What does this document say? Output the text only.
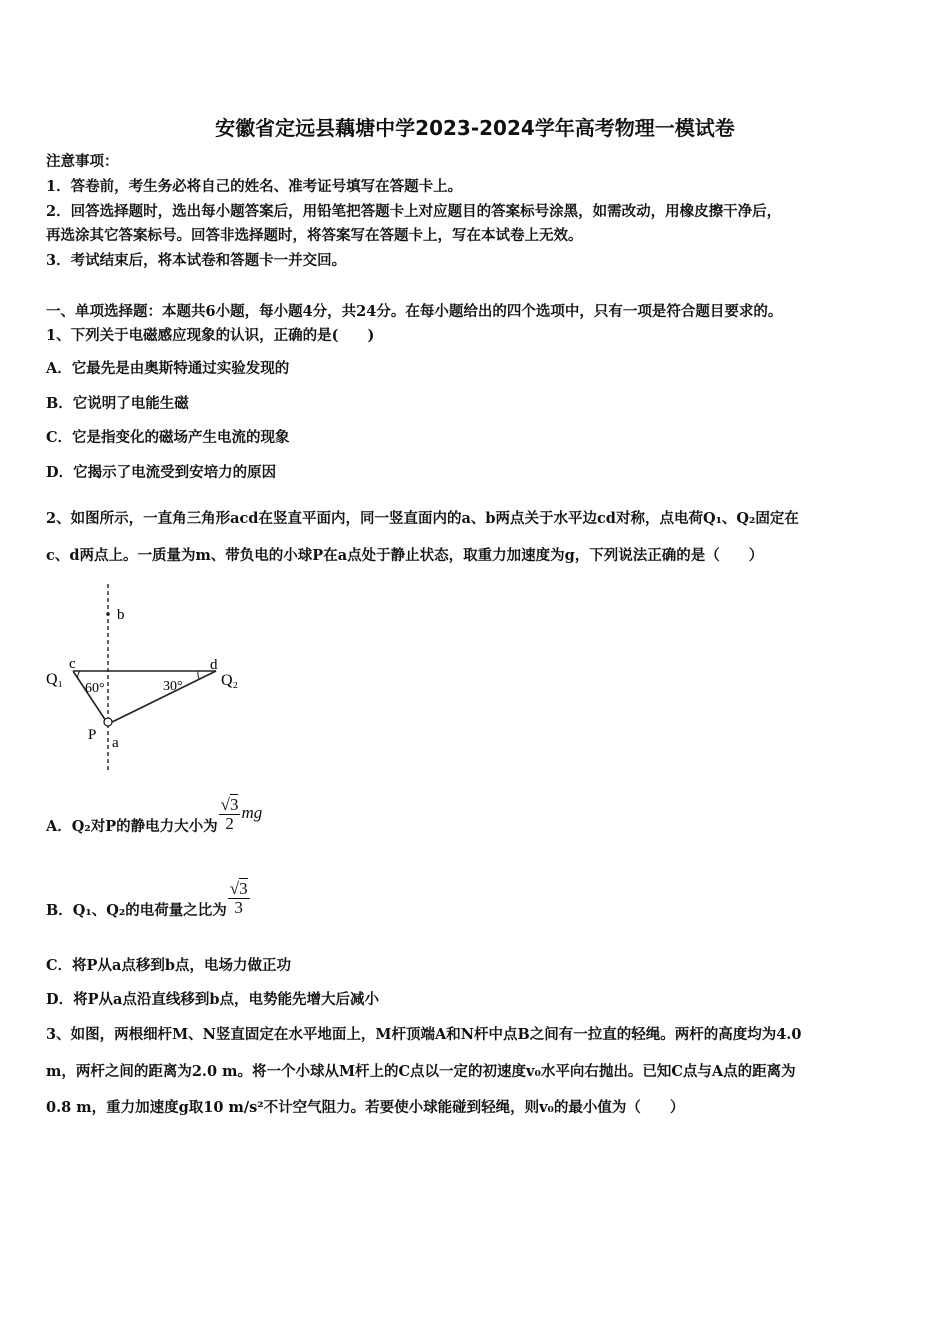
安徽省定远县藕塘中学2023-2024学年高考物理一模试卷
注意事项：
1．答卷前，考生务必将自己的姓名、准考证号填写在答题卡上。
2．回答选择题时，选出每小题答案后，用铅笔把答题卡上对应题目的答案标号涂黑，如需改动，用橡皮擦干净后，
再选涂其它答案标号。回答非选择题时，将答案写在答题卡上，写在本试卷上无效。
3．考试结束后，将本试卷和答题卡一并交回。
一、单项选择题：本题共6小题，每小题4分，共24分。在每小题给出的四个选项中，只有一项是符合题目要求的。
1、下列关于电磁感应现象的认识，正确的是(　　)
A．它最先是由奥斯特通过实验发现的
B．它说明了电能生磁
C．它是指变化的磁场产生电流的现象
D．它揭示了电流受到安培力的原因
2、如图所示，一直角三角形acd在竖直平面内，同一竖直面内的a、b两点关于水平边cd对称，点电荷Q₁、Q₂固定在
c、d两点上。一质量为m、带负电的小球P在a点处于静止状态，取重力加速度为g，下列说法正确的是（　　）
b
c	d
Q₁	Q₂
60°	30°
P a
A．Q₂对P的静电力大小为 $\frac{√3}{2}$ mg
B．Q₁、Q₂的电荷量之比为 $\frac{√3}{3}$
C．将P从a点移到b点，电场力做正功
D．将P从a点沿直线移到b点，电势能先增大后减小
3、如图，两根细杆M、N竖直固定在水平地面上，M杆顶端A和N杆中点B之间有一拉直的轻绳。两杆的高度均为4.0
m，两杆之间的距离为2.0 m。将一个小球从M杆上的C点以一定的初速度v₀水平向右抛出。已知C点与A点的距离为
0.8 m，重力加速度g取10 m/s²不计空气阻力。若要使小球能碰到轻绳，则v₀的最小值为（　　）
